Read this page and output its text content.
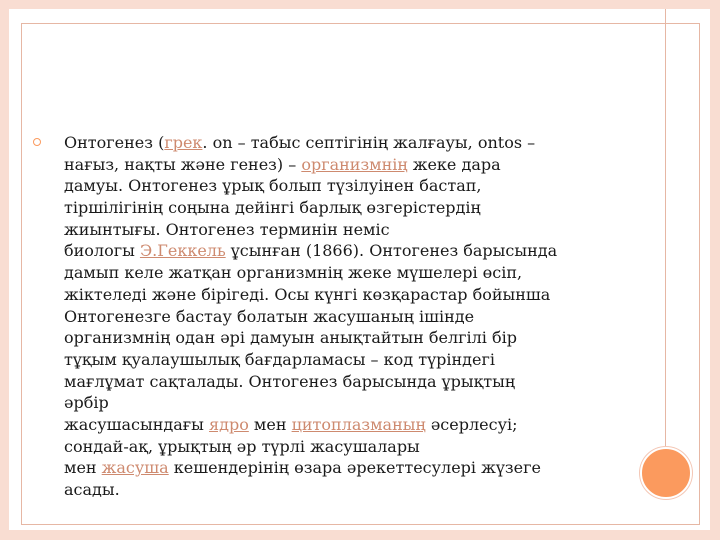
Онтогенез (грек. on – табыс септігінің жалғауы, ontos –
нағыз, нақты және генез) – организмнің жеке дара
дамуы. Онтогенез ұрық болып түзілуінен бастап,
тіршілігінің соңына дейінгі барлық өзгерістердің
жиынтығы. Онтогенез терминін неміс
биологы Э.Геккель ұсынған (1866). Онтогенез барысында
дамып келе жатқан организмнің жеке мүшелері өсіп,
жіктеледі және бірігеді. Осы күнгі көзқарастар бойынша
Онтогенезге бастау болатын жасушаның ішінде
организмнің одан әрі дамуын анықтайтын белгілі бір
тұқым қуалаушылық бағдарламасы – код түріндегі
мағлұмат сақталады. Онтогенез барысында ұрықтың
әрбір
жасушасындағы ядро мен цитоплазманың әсерлесуі;
сондай-ақ, ұрықтың әр түрлі жасушалары
мен жасуша кешендерінің өзара әрекеттесулері жүзеге
асады.
